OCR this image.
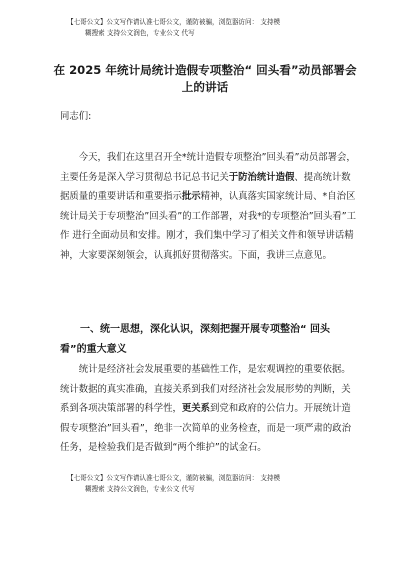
【七哥公文】公文写作请认准七哥公文，谨防被骗，浏览器访问： 支持模
糊搜索 支持公文润色，专业公文 代写
在 2025 年统计局统计造假专项整治“ 回头看”动员部署会上的讲话
同志们:
今天，我们在这里召开全*统计造假专项整治”回头看”动员部署会，主要任务是深入学习贯彻总书记总书记关于防治统计造假、提高统计数据质量的重要讲话和重要指示批示精神，认真落实国家统计局、*自治区统计局关于专项整治”回头看”的工作部署，对我*的专项整治”回头看”工作 进行全面动员和安排。刚才，我们集中学习了相关文件和领导讲话精神，大家要深刻领会，认真抓好贯彻落实。下面，我讲三点意见。
一、统一思想，深化认识，深刻把握开展专项整治“ 回头看”的重大意义
统计是经济社会发展重要的基础性工作，是宏观调控的重要依据。统计数据的真实准确，直接关系到我们对经济社会发展形势的判断，关系到各项决策部署的科学性，更关系到党和政府的公信力。开展统计造假专项整治”回头看”，绝非一次简单的业务检查，而是一项严肃的政治任务，是检验我们是否做到“两个维护”的试金石。
【七哥公文】公文写作请认准七哥公文，谨防被骗，浏览器访问： 支持模
糊搜索 支持公文润色，专业公文 代写
